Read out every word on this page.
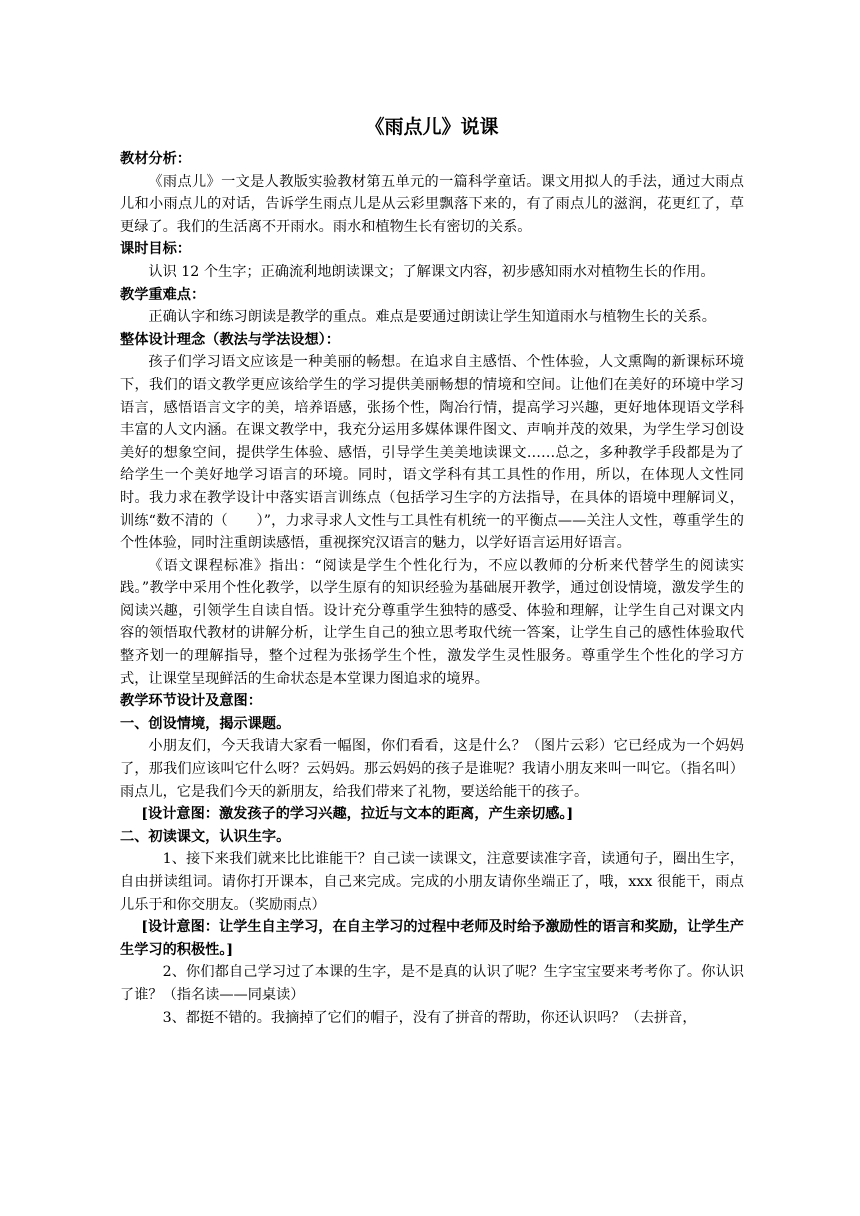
《雨点儿》说课

教材分析：

《雨点儿》一文是人教版实验教材第五单元的一篇科学童话。课文用拟人的手法，通过大雨点儿和小雨点儿的对话，告诉学生雨点儿是从云彩里飘落下来的，有了雨点儿的滋润，花更红了，草更绿了。我们的生活离不开雨水。雨水和植物生长有密切的关系。

课时目标：

认识 12 个生字；正确流利地朗读课文；了解课文内容，初步感知雨水对植物生长的作用。

教学重难点：

正确认字和练习朗读是教学的重点。难点是要通过朗读让学生知道雨水与植物生长的关系。

整体设计理念（教法与学法设想）：

孩子们学习语文应该是一种美丽的畅想。在追求自主感悟、个性体验，人文熏陶的新课标环境下，我们的语文教学更应该给学生的学习提供美丽畅想的情境和空间。让他们在美好的环境中学习语言，感悟语言文字的美，培养语感，张扬个性，陶冶行情，提高学习兴趣，更好地体现语文学科丰富的人文内涵。在课文教学中，我充分运用多媒体课件图文、声响并茂的效果，为学生学习创设美好的想象空间，提供学生体验、感悟，引导学生美美地读课文……总之，多种教学手段都是为了给学生一个美好地学习语言的环境。同时，语文学科有其工具性的作用，所以，在体现人文性同时。我力求在教学设计中落实语言训练点（包括学习生字的方法指导，在具体的语境中理解词义，训练“数不清的（　　）”，力求寻求人文性与工具性有机统一的平衡点——关注人文性，尊重学生的个性体验，同时注重朗读感悟，重视探究汉语言的魅力，以学好语言运用好语言。

《语文课程标准》指出：“阅读是学生个性化行为，不应以教师的分析来代替学生的阅读实践。”教学中采用个性化教学，以学生原有的知识经验为基础展开教学，通过创设情境，激发学生的阅读兴趣，引领学生自读自悟。设计充分尊重学生独特的感受、体验和理解，让学生自己对课文内容的领悟取代教材的讲解分析，让学生自己的独立思考取代统一答案，让学生自己的感性体验取代整齐划一的理解指导，整个过程为张扬学生个性，激发学生灵性服务。尊重学生个性化的学习方式，让课堂呈现鲜活的生命状态是本堂课力图追求的境界。

教学环节设计及意图：

一、创设情境，揭示课题。

小朋友们，今天我请大家看一幅图，你们看看，这是什么？（图片云彩）它已经成为一个妈妈了，那我们应该叫它什么呀？云妈妈。那云妈妈的孩子是谁呢？我请小朋友来叫一叫它。（指名叫）雨点儿，它是我们今天的新朋友，给我们带来了礼物，要送给能干的孩子。

[设计意图：激发孩子的学习兴趣，拉近与文本的距离，产生亲切感。]

二、初读课文，认识生字。

1、接下来我们就来比比谁能干？自己读一读课文，注意要读准字音，读通句子，圈出生字，自由拼读组词。请你打开课本，自己来完成。完成的小朋友请你坐端正了，哦，xxx 很能干，雨点儿乐于和你交朋友。（奖励雨点）

[设计意图：让学生自主学习，在自主学习的过程中老师及时给予激励性的语言和奖励，让学生产生学习的积极性。]

2、你们都自己学习过了本课的生字，是不是真的认识了呢？生字宝宝要来考考你了。你认识了谁？（指名读——同桌读）

3、都挺不错的。我摘掉了它们的帽子，没有了拼音的帮助，你还认识吗？（去拼音，
